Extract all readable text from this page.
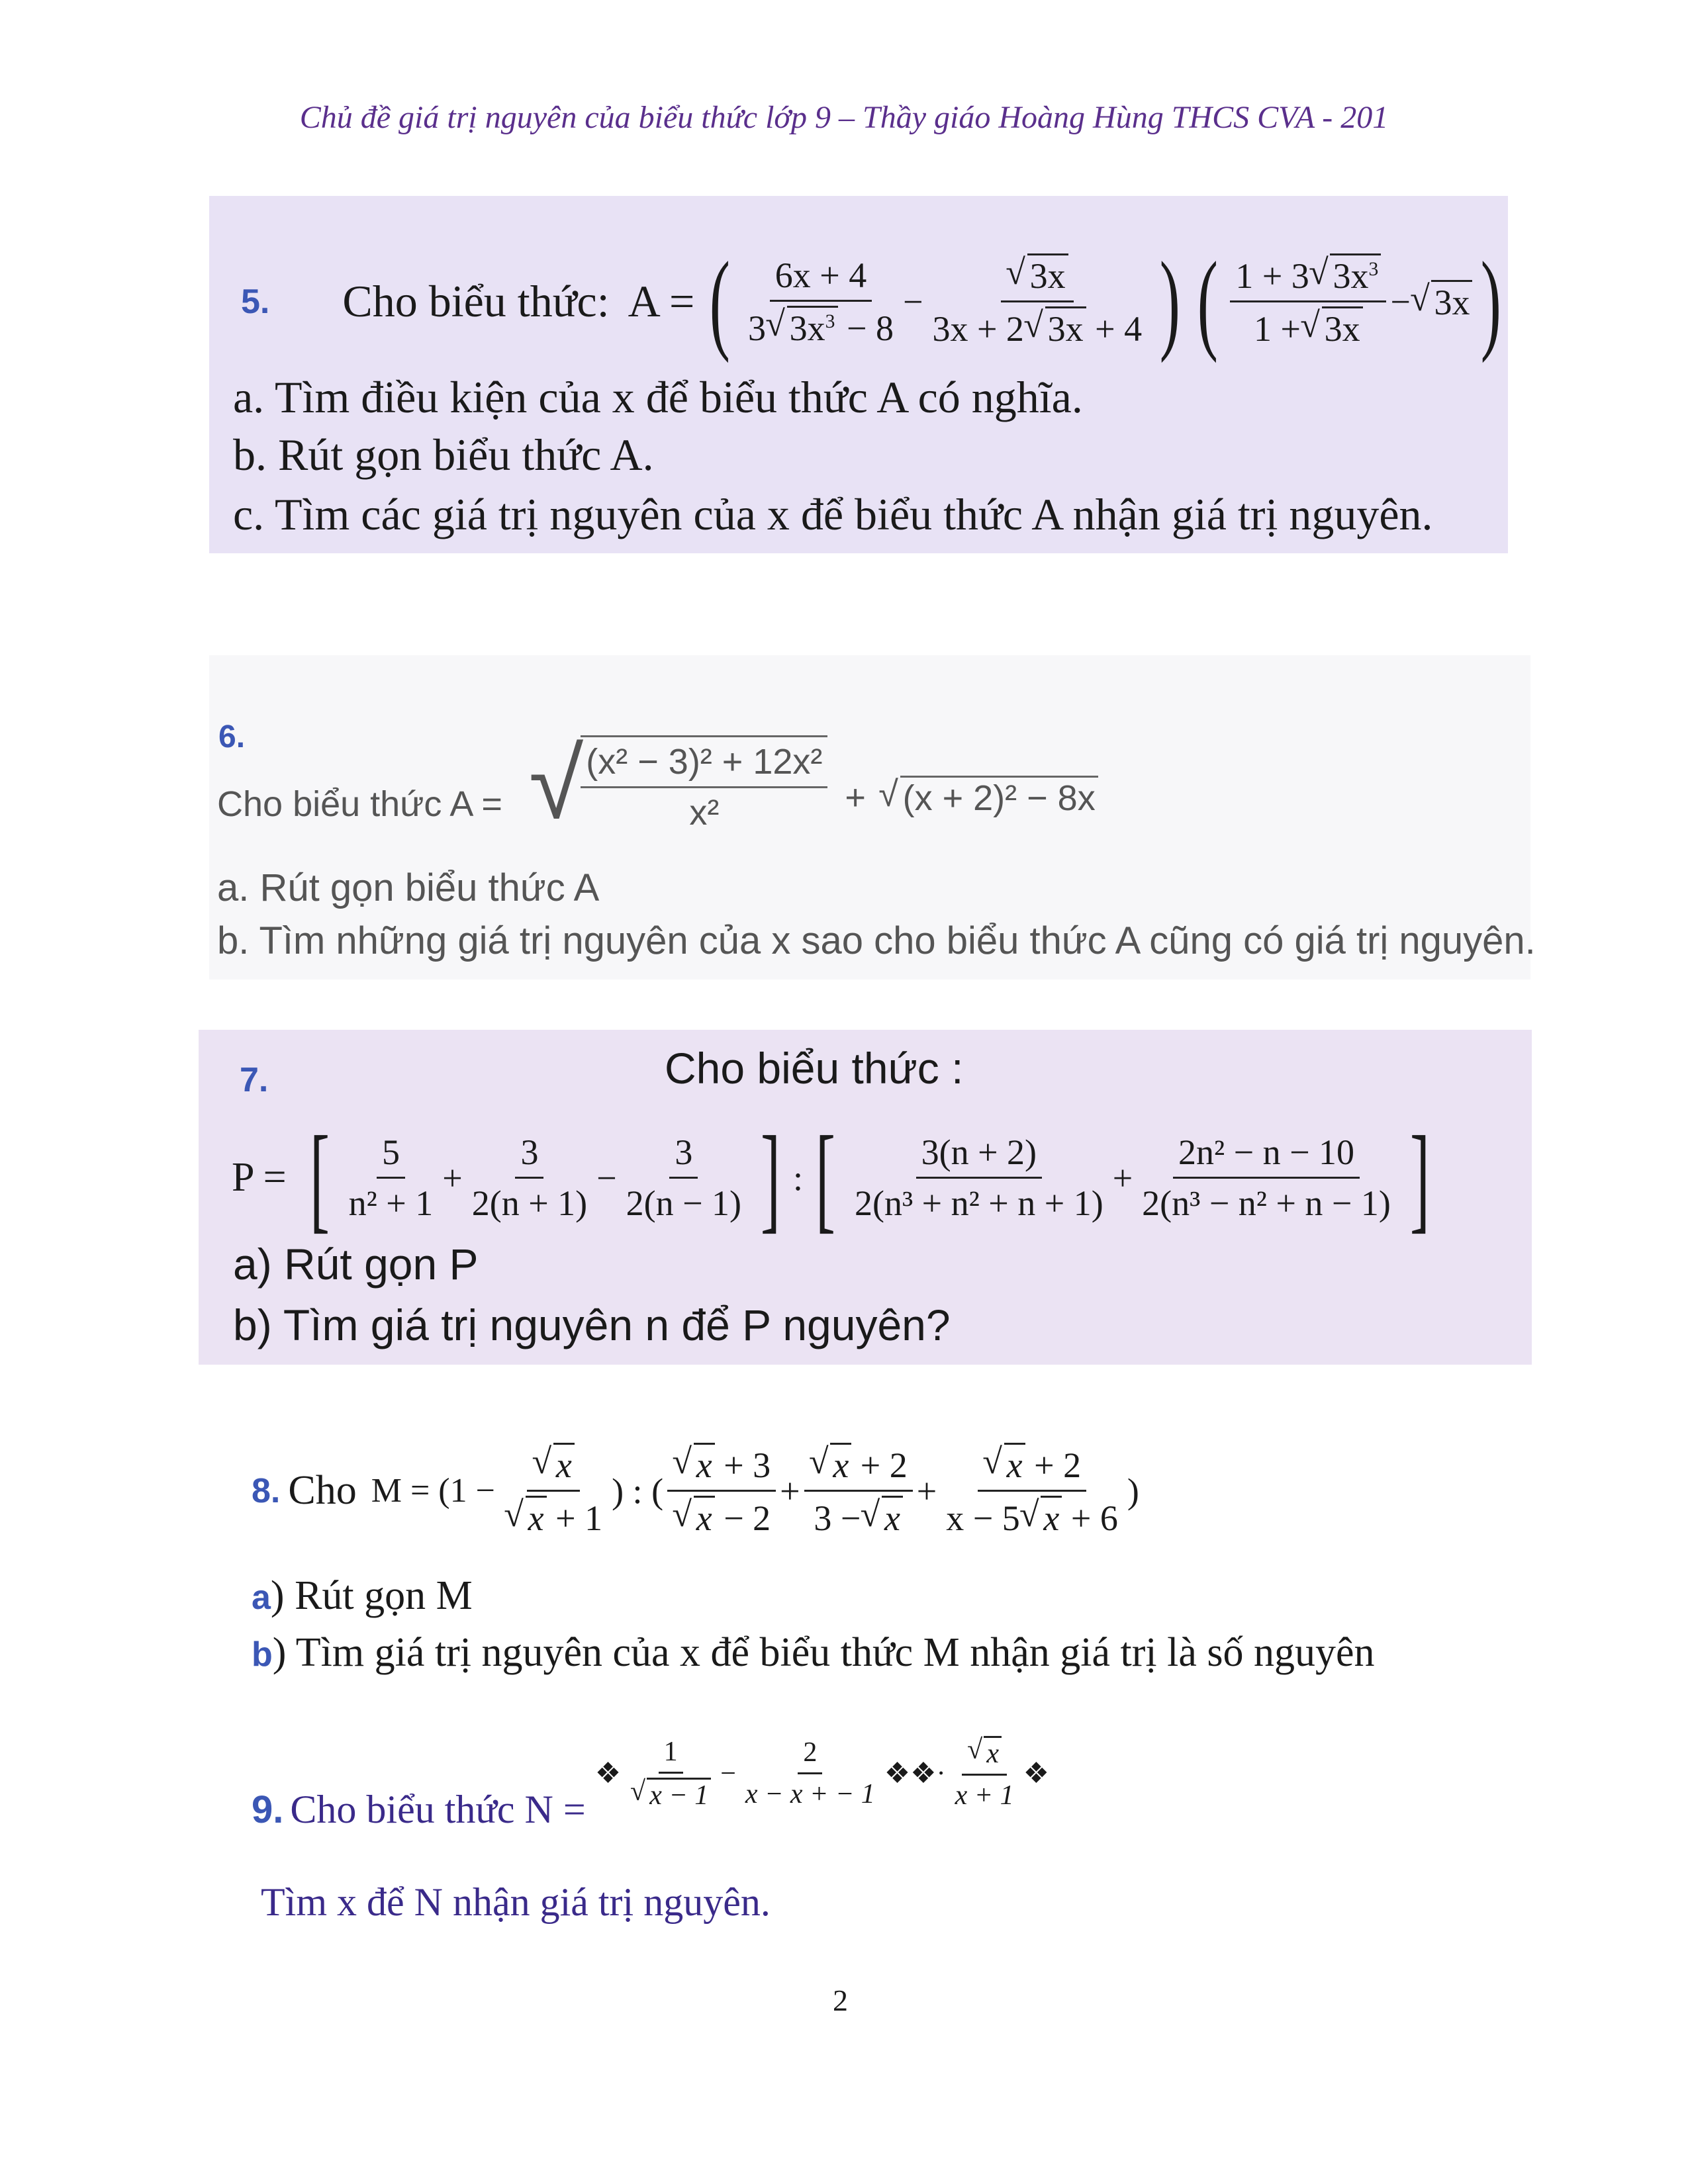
Chủ đề giá trị nguyên của biểu thức lớp 9 – Thầy giáo Hoàng Hùng THCS CVA - 201
5. Cho biểu thức: A = ( $\frac{6x + 4}{3 √ 3x^3 - 8}$ − √ $\frac{3x}{3x + 2 √ 3x + 4}$ ) ( $\frac{1 + 3 √ 3x^3}{1 + √ 3x}$ − √ 3x )
a. Tìm điều kiện của x để biểu thức A có nghĩa.
b. Rút gọn biểu thức A.
c. Tìm các giá trị nguyên của x để biểu thức A nhận giá trị nguyên.
6.
Cho biểu thức A = √
$\frac{\text{(x² − 3)² + 12x²}}{\text{x²}}$ +	√ (x + 2)² − 8x
a. Rút gọn biểu thức A
b. Tìm những giá trị nguyên của x sao cho biểu thức A cũng có giá trị nguyên.
7.	Cho biểu thức :
P = [ $\frac{5}{\text{n² + 1}} + \frac{3}{2(n + 1)} - \frac{3}{2(n - 1)}$ ] : [ $\frac{3(n + 2)}{\text{2(n³ + n² + n + 1)}} + \frac{\text{2n² − n − 10}}{\text{2(n³ − n² + n − 1)}}$ ]
a) Rút gọn P
b) Tìm giá trị nguyên n để P nguyên?
8. Cho M = (1 − √ x
√ x + 1 ) : ( √ x + 3
√ x − 2 + √ $\frac{x + 2}{3 - √ x}$ + √ $\frac{x + 2}{x - 5 √ x + 6}$ )
a) Rút gọn M
b) Tìm giá trị nguyên của x để biểu thức M nhận giá trị là số nguyên
9. Cho biểu thức N =
❖ 1
√ $x - 1 - \frac{2}{x - x + - 1}$ ❖❖ · √ $\frac{x}{x + 1}$ ❖
Tìm x để N nhận giá trị nguyên.
2
